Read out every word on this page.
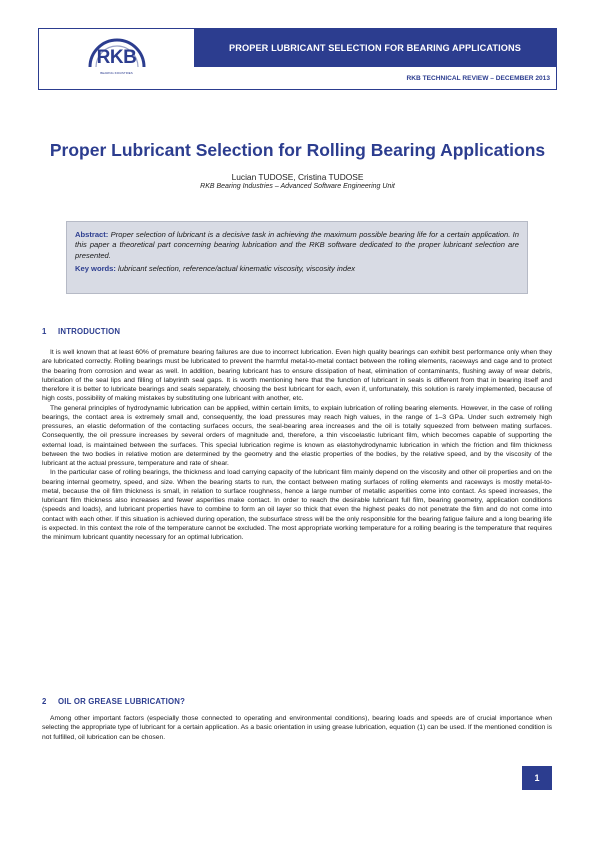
RKB
BEARING INDUSTRIES
PROPER LUBRICANT SELECTION FOR BEARING APPLICATIONS
RKB TECHNICAL REVIEW – DECEMBER 2013
Proper Lubricant Selection for Rolling Bearing Applications
Lucian TUDOSE, Cristina TUDOSE
RKB Bearing Industries – Advanced Software Engineering Unit
Abstract: Proper selection of lubricant is a decisive task in achieving the maximum possible bearing life for a certain application. In this paper a theoretical part concerning bearing lubrication and the RKB software dedicated to the proper lubricant selection are presented.
Key words: lubricant selection, reference/actual kinematic viscosity, viscosity index
1 INTRODUCTION

It is well known that at least 60% of premature bearing failures are due to incorrect lubrication. Even high quality bearings can exhibit best performance only when they are lubricated correctly. Rolling bearings must be lubricated to prevent the harmful metal-to-metal contact between the rolling elements, raceways and cage and to protect the bearing from corrosion and wear as well. In addition, bearing lubricant has to ensure dissipation of heat, elimination of contaminants, flushing away of wear debris, lubrication of the seal lips and filling of labyrinth seal gaps. It is worth mentioning here that the function of lubricant in seals is different from that in bearing itself and therefore it is better to lubricate bearings and seals separately, choosing the best lubricant for each, even if, unfortunately, this solution is rarely implemented, because of high costs, possibility of making mistakes by substituting one lubricant with another, etc.

The general principles of hydrodynamic lubrication can be applied, within certain limits, to explain lubrication of rolling bearing elements. However, in the case of rolling bearings, the contact area is extremely small and, consequently, the load pressures may reach high values, in the range of 1–3 GPa. Under such extremely high pressures, an elastic deformation of the contacting surfaces occurs, the seal-bearing area increases and the oil is totally squeezed from between mating surfaces. Consequently, the oil pressure increases by several orders of magnitude and, therefore, a thin viscoelastic lubricant film, which becomes capable of supporting the external load, is maintained between the surfaces. This special lubrication regime is known as elastohydrodynamic lubrication in which the friction and film thickness between the two bodies in relative motion are determined by the geometry and the elastic properties of the bodies, by the relative speed, and by the viscosity of the lubricant at the actual pressure, temperature and rate of shear.

In the particular case of rolling bearings, the thickness and load carrying capacity of the lubricant film mainly depend on the viscosity and other oil properties and on the bearing internal geometry, speed, and size. When the bearing starts to run, the contact between mating surfaces of rolling elements and raceways is mostly metal-to-metal, because the oil film thickness is small, in relation to surface roughness, hence a large number of metallic asperities come into contact. As speed increases, the lubricant film thickness also increases and fewer asperities make contact. In order to reach the desirable lubricant full film, bearing geometry, application conditions (speeds and loads), and lubricant properties have to combine to form an oil layer so thick that even the highest peaks do not penetrate the film and do not come into contact with each other. If this situation is achieved during operation, the subsurface stress will be the only responsible for the bearing fatigue failure and a long bearing life is expected. In this context the role of the temperature cannot be excluded. The most appropriate working temperature for a rolling bearing is the temperature that requires the minimum lubricant quantity necessary for an optimal lubrication.

2 OIL OR GREASE LUBRICATION?

Among other important factors (especially those connected to operating and environmental conditions), bearing loads and speeds are of crucial importance when selecting the appropriate type of lubricant for a certain application. As a basic orientation in using grease lubrication, equation (1) can be used. If the mentioned condition is not fulfilled, oil lubrication can be chosen.

1
